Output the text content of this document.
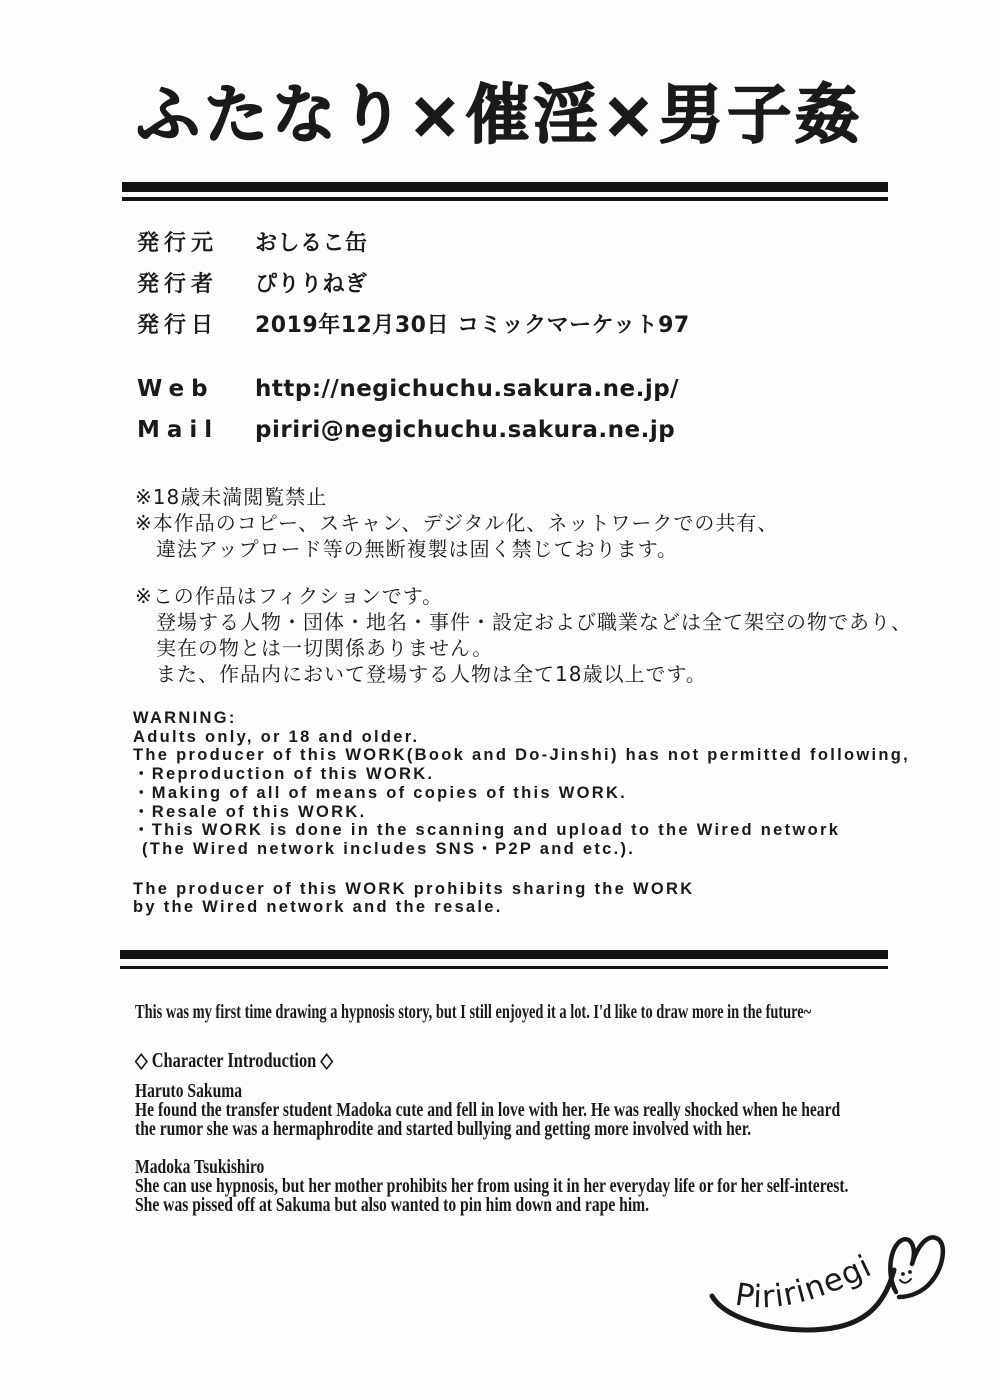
ふたなり×催淫×男子姦
発行元	おしるこ缶
発行者	ぴりりねぎ
発行日	2019年12月30日 コミックマーケット97
Web	http://negichuchu.sakura.ne.jp/
Mail	piriri@negichuchu.sakura.ne.jp
※18歳未満閲覧禁止
※本作品のコピー、スキャン、デジタル化、ネットワークでの共有、
違法アップロード等の無断複製は固く禁じております。
※この作品はフィクションです。
登場する人物・団体・地名・事件・設定および職業などは全て架空の物であり、
実在の物とは一切関係ありません。
また、作品内において登場する人物は全て18歳以上です。
WARNING:
Adults only, or 18 and older.
The producer of this WORK(Book and Do-Jinshi) has not permitted following,
・Reproduction of this WORK.
・Making of all of means of copies of this WORK.
・Resale of this WORK.
・This WORK is done in the scanning and upload to the Wired network
(The Wired network includes SNS・P2P and etc.).
The producer of this WORK prohibits sharing the WORK
by the Wired network and the resale.
This was my first time drawing a hypnosis story, but I still enjoyed it a lot. I'd like to draw more in the future~
◇ Character Introduction ◇
Haruto Sakuma
He found the transfer student Madoka cute and fell in love with her. He was really shocked when he heard
the rumor she was a hermaphrodite and started bullying and getting more involved with her.
Madoka Tsukishiro
She can use hypnosis, but her mother prohibits her from using it in her everyday life or for her self-interest.
She was pissed off at Sakuma but also wanted to pin him down and rape him.
Piririnegi
